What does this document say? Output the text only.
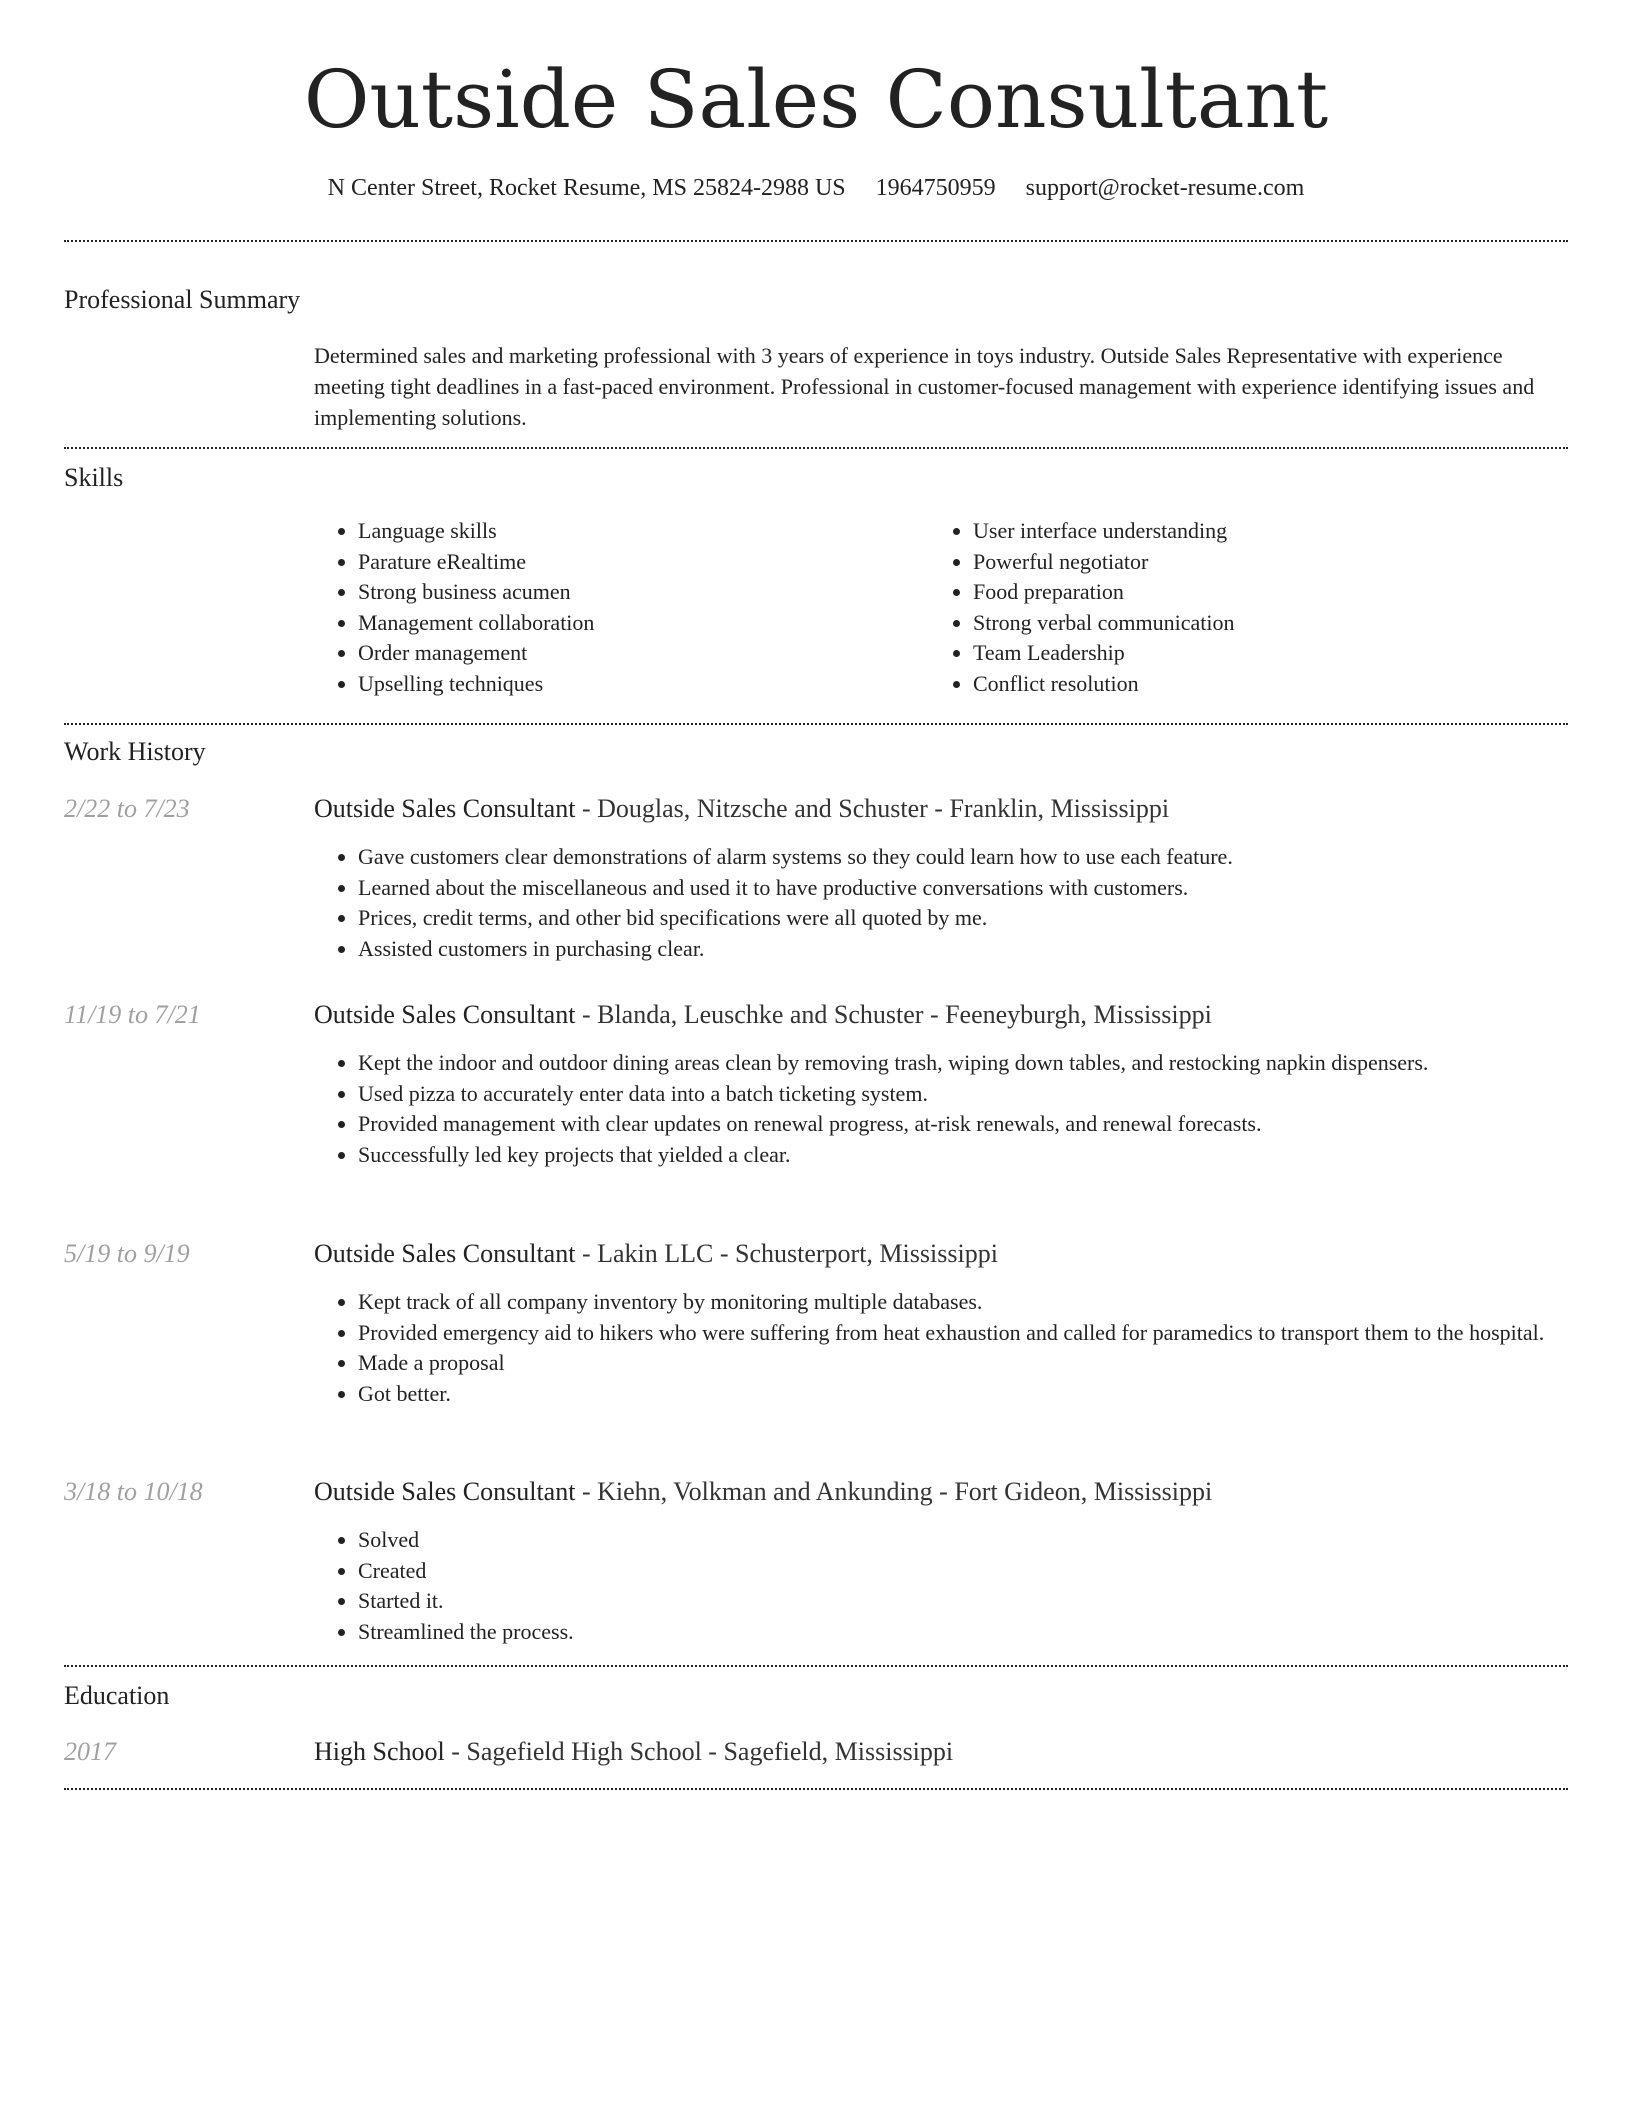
Outside Sales Consultant
N Center Street, Rocket Resume, MS 25824-2988 US 1964750959 support@rocket-resume.com
Professional Summary
Determined sales and marketing professional with 3 years of experience in toys industry. Outside Sales Representative with experience meeting tight deadlines in a fast-paced environment. Professional in customer-focused management with experience identifying issues and implementing solutions.
Skills
• Language skills
• Parature eRealtime
• Strong business acumen
• Management collaboration
• Order management
• Upselling techniques
• User interface understanding
• Powerful negotiator
• Food preparation
• Strong verbal communication
• Team Leadership
• Conflict resolution
Work History
2/22 to 7/23	Outside Sales Consultant - Douglas, Nitzsche and Schuster - Franklin, Mississippi
• Gave customers clear demonstrations of alarm systems so they could learn how to use each feature.
• Learned about the miscellaneous and used it to have productive conversations with customers.
• Prices, credit terms, and other bid specifications were all quoted by me.
• Assisted customers in purchasing clear.
11/19 to 7/21	Outside Sales Consultant - Blanda, Leuschke and Schuster - Feeneyburgh, Mississippi
• Kept the indoor and outdoor dining areas clean by removing trash, wiping down tables, and restocking napkin dispensers.
• Used pizza to accurately enter data into a batch ticketing system.
• Provided management with clear updates on renewal progress, at-risk renewals, and renewal forecasts.
• Successfully led key projects that yielded a clear.
5/19 to 9/19	Outside Sales Consultant - Lakin LLC - Schusterport, Mississippi
• Kept track of all company inventory by monitoring multiple databases.
• Provided emergency aid to hikers who were suffering from heat exhaustion and called for paramedics to transport them to the hospital.
• Made a proposal
• Got better.
3/18 to 10/18	Outside Sales Consultant - Kiehn, Volkman and Ankunding - Fort Gideon, Mississippi
• Solved
• Created
• Started it.
• Streamlined the process.
Education
2017	High School - Sagefield High School - Sagefield, Mississippi
